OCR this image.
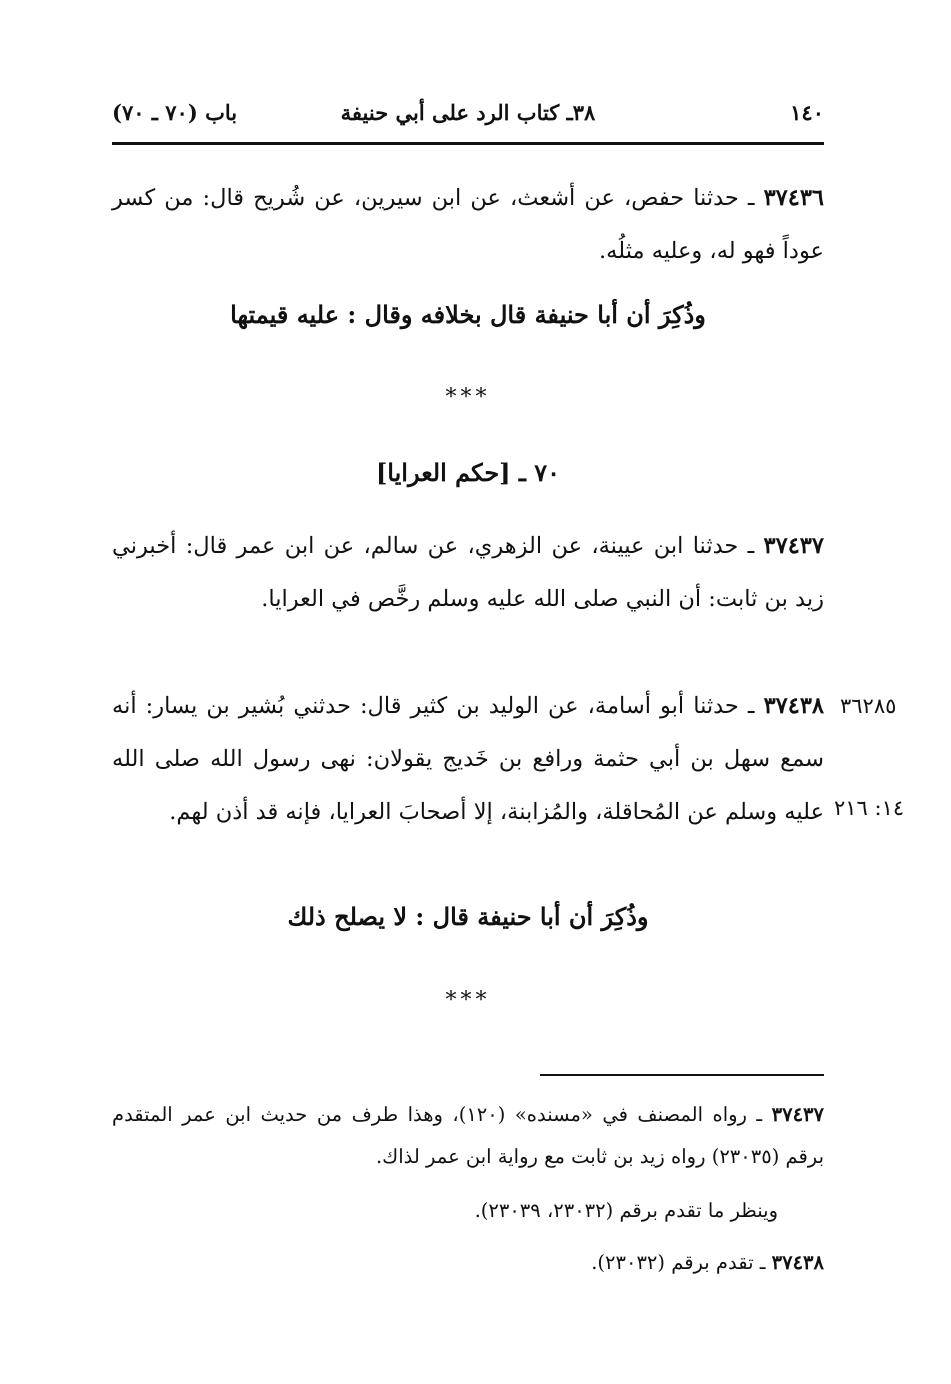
١٤٠
٣٨ـ كتاب الرد على أبي حنيفة
باب (٧٠ ـ ٧٠)
٣٧٤٣٦ ـ حدثنا حفص، عن أشعث، عن ابن سيرين، عن شُريح قال: من كسر عوداً فهو له، وعليه مثلُه.
وذُكِرَ أن أبا حنيفة قال بخلافه وقال : عليه قيمتها
***
٧٠ ـ [حكم العرايا]
٣٧٤٣٧ ـ حدثنا ابن عيينة، عن الزهري، عن سالم، عن ابن عمر قال: أخبرني زيد بن ثابت: أن النبي صلى الله عليه وسلم رخَّص في العرايا.
٣٧٤٣٨ ـ حدثنا أبو أسامة، عن الوليد بن كثير قال: حدثني بُشير بن يسار: أنه سمع سهل بن أبي حثمة ورافع بن خَديج يقولان: نهى رسول الله صلى الله عليه وسلم عن المُحاقلة، والمُزابنة، إلا أصحابَ العرايا، فإنه قد أذن لهم.
٣٦٢٨٥
١٤: ٢١٦
وذُكِرَ أن أبا حنيفة قال : لا يصلح ذلك
***
٣٧٤٣٧ ـ رواه المصنف في «مسنده» (١٢٠)، وهذا طرف من حديث ابن عمر المتقدم برقم (٢٣٠٣٥) رواه زيد بن ثابت مع رواية ابن عمر لذاك.
وينظر ما تقدم برقم (٢٣٠٣٢، ٢٣٠٣٩).
٣٧٤٣٨ ـ تقدم برقم (٢٣٠٣٢).
